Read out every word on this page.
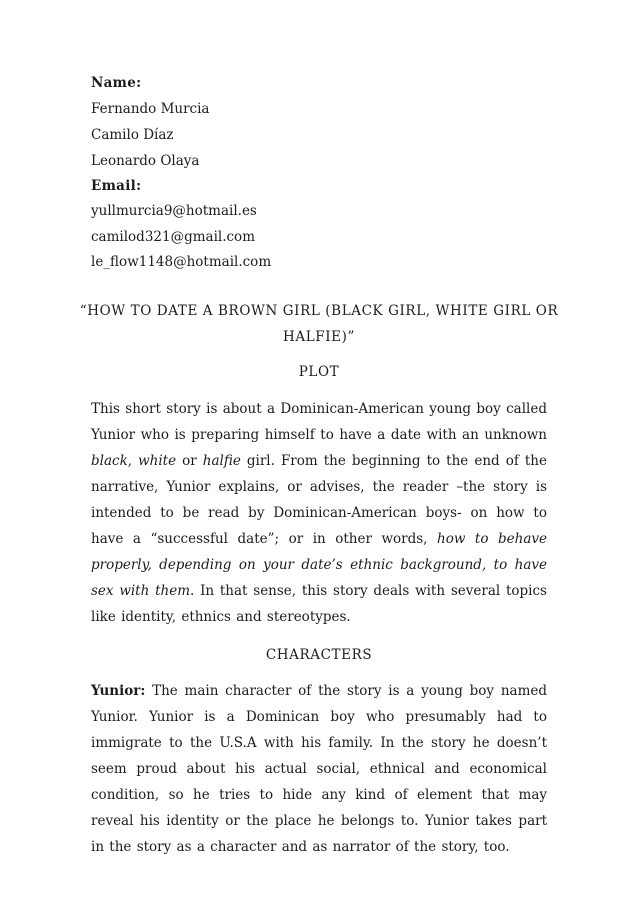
Name:
Fernando Murcia
Camilo Díaz
Leonardo Olaya
Email:
yullmurcia9@hotmail.es
camilod321@gmail.com
le_flow1148@hotmail.com
“HOW TO DATE A BROWN GIRL (BLACK GIRL, WHITE GIRL OR
HALFIE)”
PLOT
This short story is about a Dominican-American young boy called Yunior who is preparing himself to have a date with an unknown black, white or halfie girl. From the beginning to the end of the narrative, Yunior explains, or advises, the reader –the story is intended to be read by Dominican-American boys- on how to have a “successful date”; or in other words, how to behave properly, depending on your date’s ethnic background, to have sex with them. In that sense, this story deals with several topics like identity, ethnics and stereotypes.
CHARACTERS
Yunior: The main character of the story is a young boy named Yunior. Yunior is a Dominican boy who presumably had to immigrate to the U.S.A with his family. In the story he doesn’t seem proud about his actual social, ethnical and economical condition, so he tries to hide any kind of element that may reveal his identity or the place he belongs to. Yunior takes part in the story as a character and as narrator of the story, too.
